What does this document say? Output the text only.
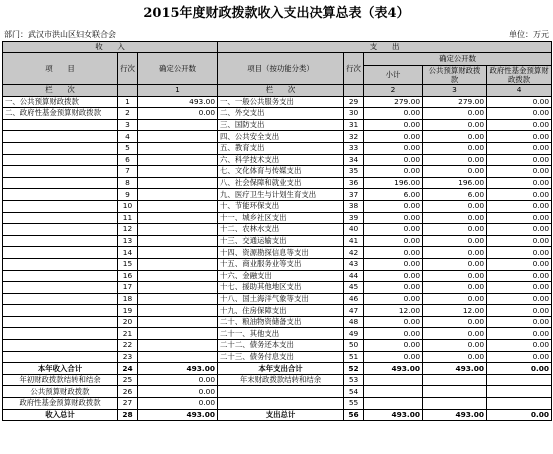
2015年度财政拨款收入支出决算总表（表4）
部门：武汉市洪山区妇女联合会	单位：万元
收　　入			支　　出				
项　　目	行次	确定公开数	项目（按功能分类）	行次	确定公开数		
					小计	公共预算财政拨款	政府性基金预算财政拨款

栏　　次		1	栏　　次		2	3	4
一、公共预算财政拨款	1	493.00	一、一般公共服务支出	29	279.00	279.00	0.00
二、政府性基金预算财政拨款	2	0.00	二、外交支出	30	0.00	0.00	0.00
	3		三、国防支出	31	0.00	0.00	0.00
	4		四、公共安全支出	32	0.00	0.00	0.00
	5		五、教育支出	33	0.00	0.00	0.00
	6		六、科学技术支出	34	0.00	0.00	0.00
	7		七、文化体育与传媒支出	35	0.00	0.00	0.00
	8		八、社会保障和就业支出	36	196.00	196.00	0.00
	9		九、医疗卫生与计划生育支出	37	6.00	6.00	0.00
	10		十、节能环保支出	38	0.00	0.00	0.00
	11		十一、城乡社区支出	39	0.00	0.00	0.00
	12		十二、农林水支出	40	0.00	0.00	0.00
	13		十三、交通运输支出	41	0.00	0.00	0.00
	14		十四、资源勘探信息等支出	42	0.00	0.00	0.00
	15		十五、商业服务业等支出	43	0.00	0.00	0.00
	16		十六、金融支出	44	0.00	0.00	0.00
	17		十七、援助其他地区支出	45	0.00	0.00	0.00
	18		十八、国土海洋气象等支出	46	0.00	0.00	0.00
	19		十九、住房保障支出	47	12.00	12.00	0.00
	20		二十、粮油物资储备支出	48	0.00	0.00	0.00
	21		二十一、其他支出	49	0.00	0.00	0.00
	22		二十二、债务还本支出	50	0.00	0.00	0.00
	23		二十三、债务付息支出	51	0.00	0.00	0.00
本年收入合计	24	493.00	本年支出合计	52	493.00	493.00	0.00
年初财政拨款结转和结余	25	0.00	年末财政拨款结转和结余	53			
公共预算财政拨款	26	0.00		54			
政府性基金预算财政拨款	27	0.00		55			
收入总计	28	493.00	支出总计	56	493.00	493.00	0.00
